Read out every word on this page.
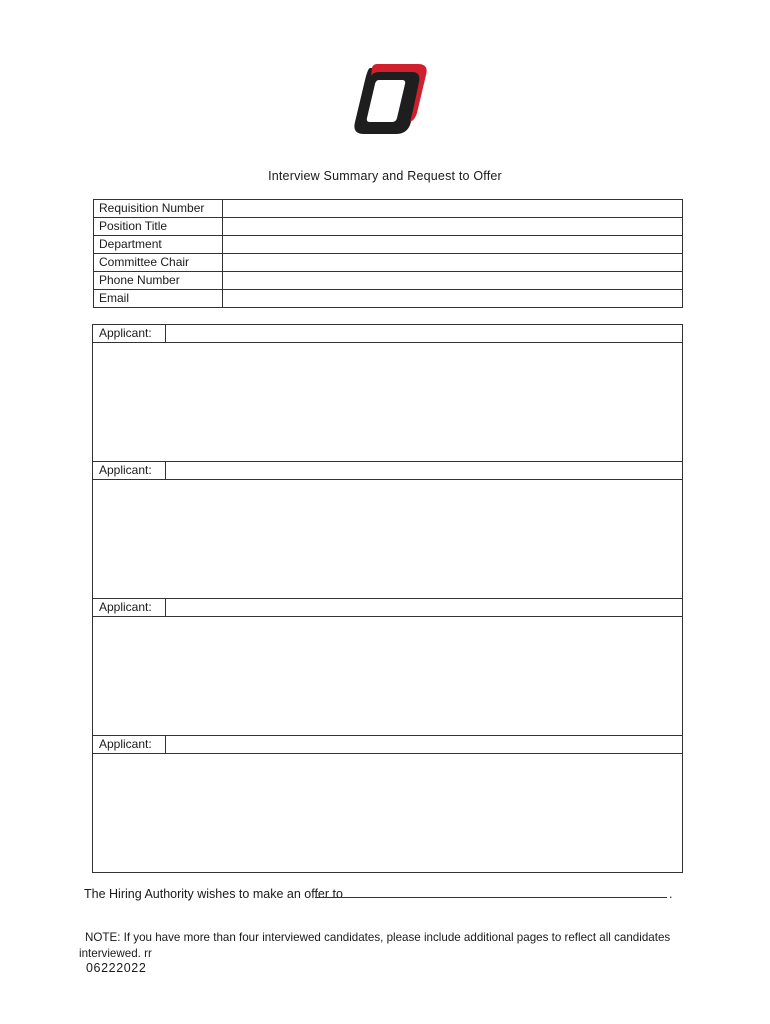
Interview Summary and Request to Offer
Requisition Number
Position Title
Department
Committee Chair
Phone Number
Email
Applicant:
Applicant:
Applicant:
Applicant:
The Hiring Authority wishes to make an offer to	.
NOTE: If you have more than four interviewed candidates, please include additional pages to reflect all candidates interviewed. rr
06222022
